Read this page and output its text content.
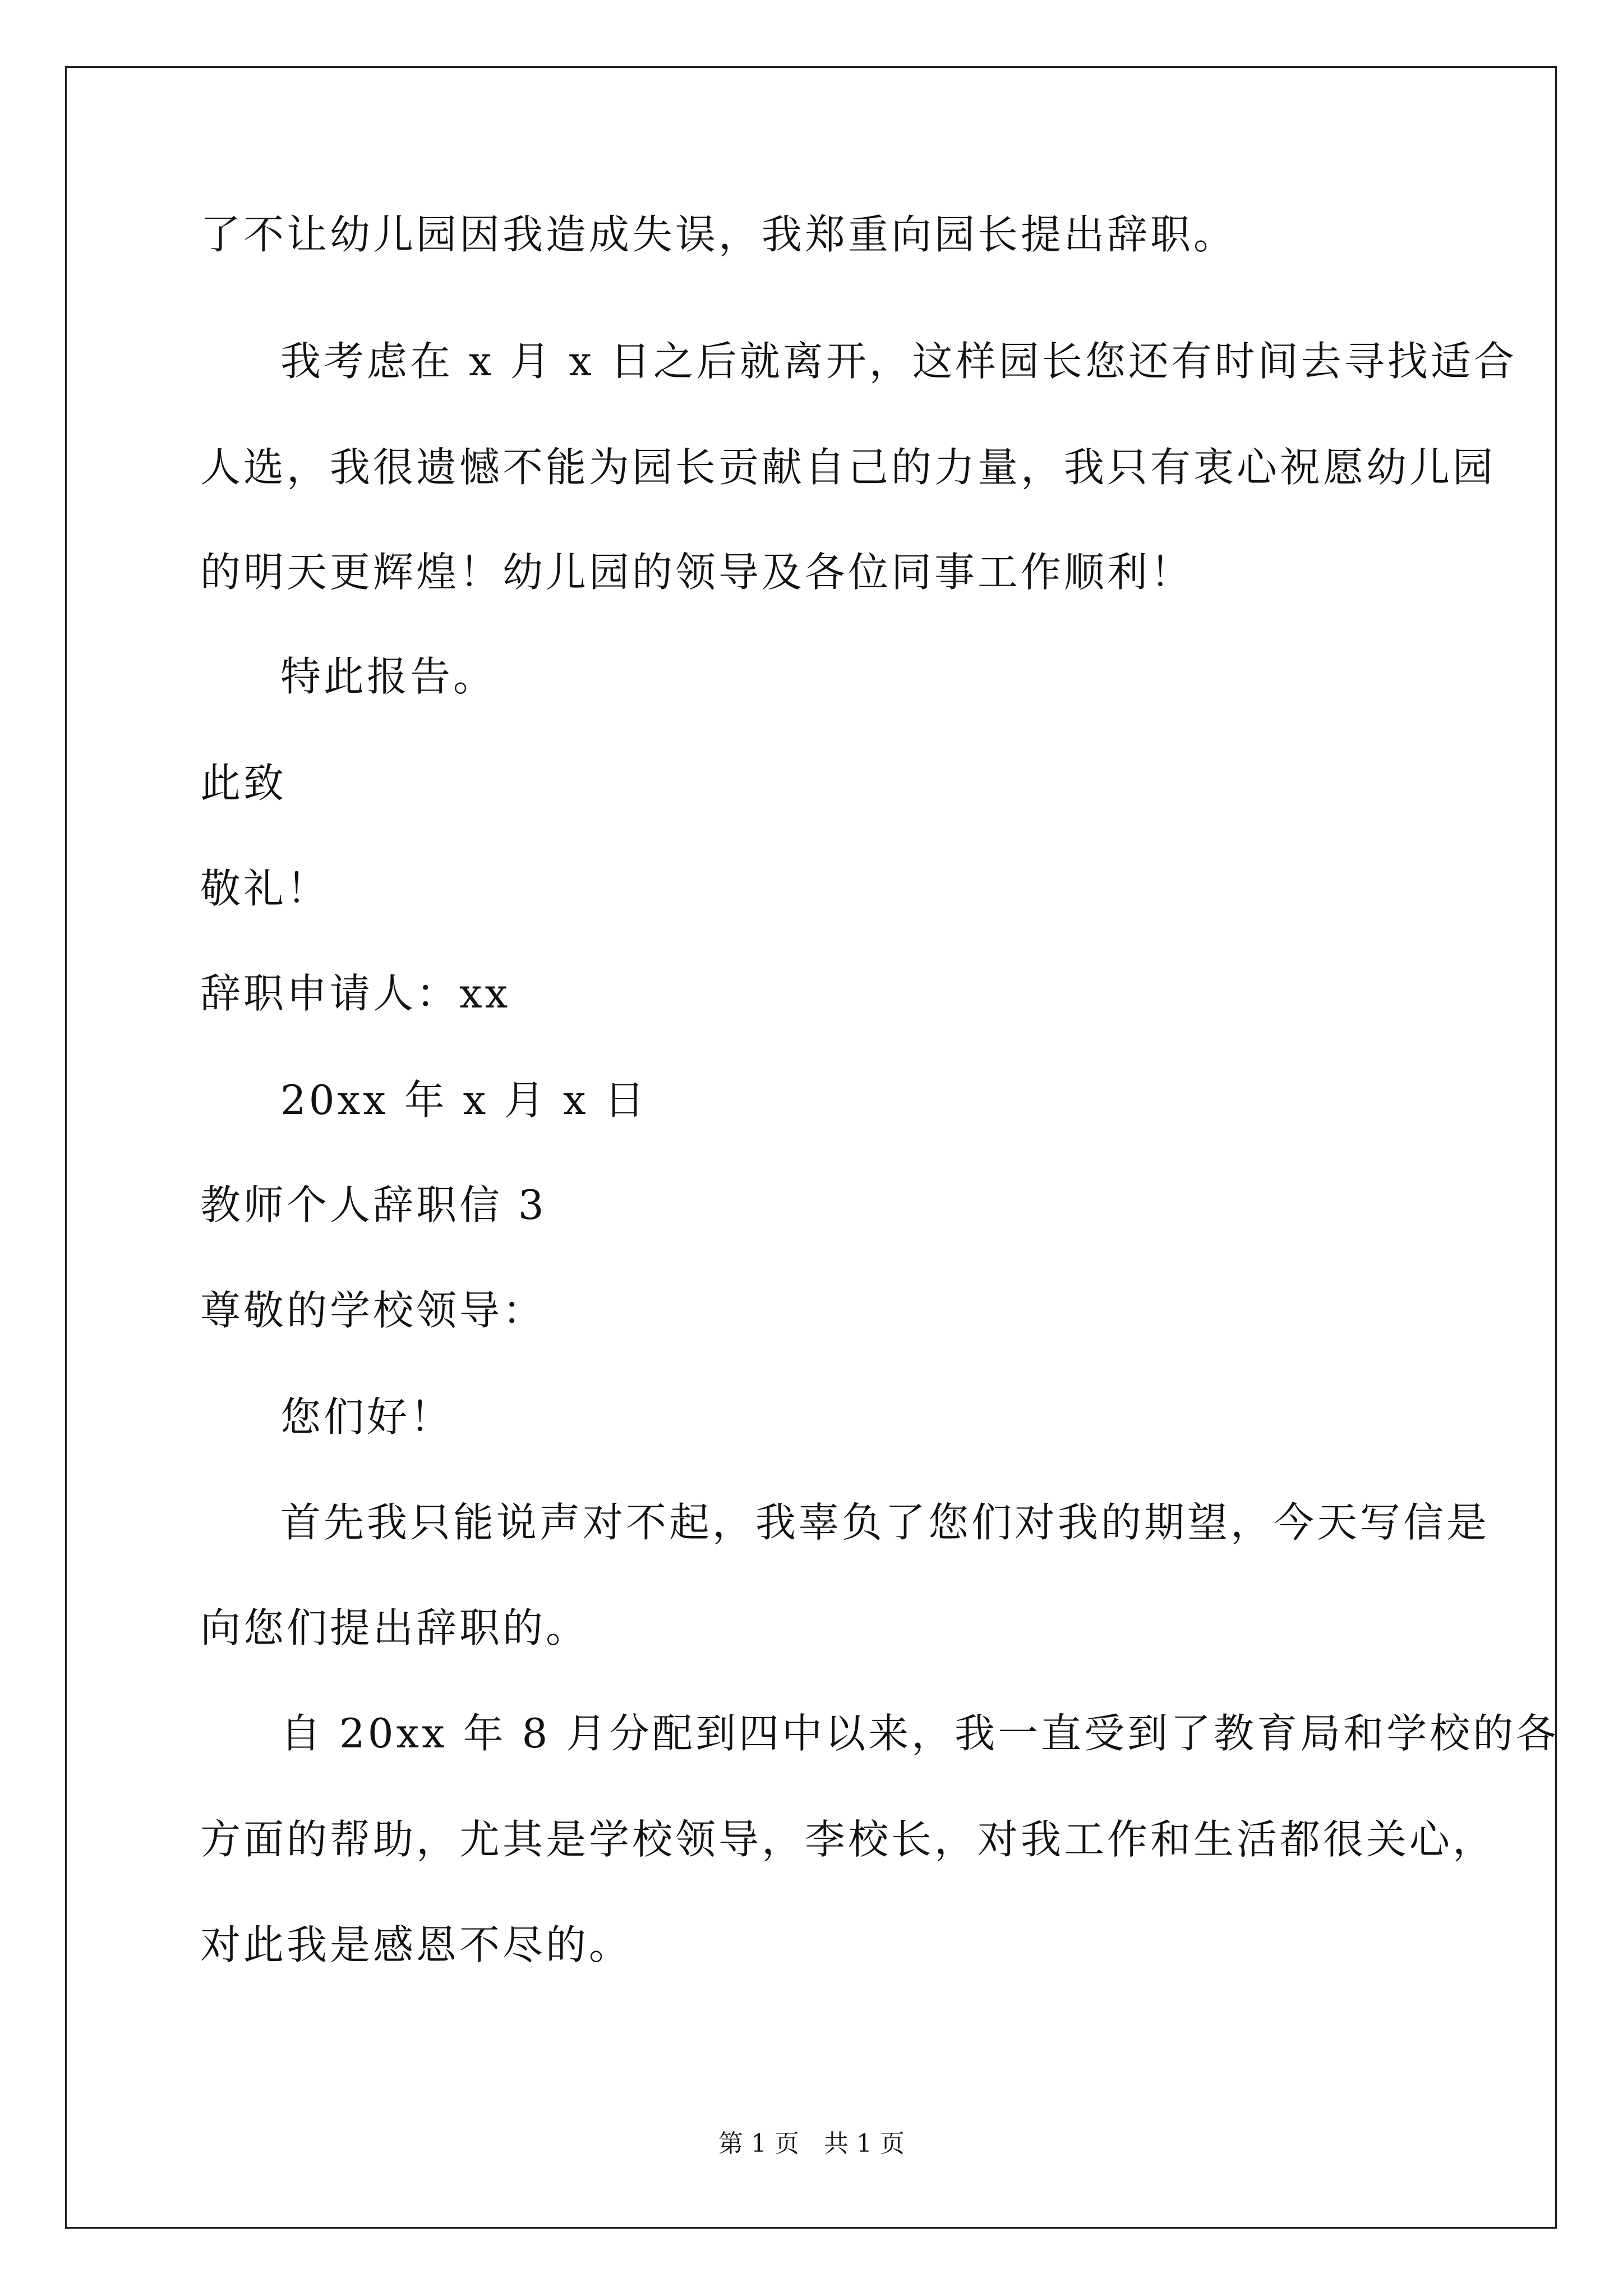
了不让幼儿园因我造成失误，我郑重向园长提出辞职。
我考虑在 x 月 x 日之后就离开，这样园长您还有时间去寻找适合
人选，我很遗憾不能为园长贡献自己的力量，我只有衷心祝愿幼儿园
的明天更辉煌！幼儿园的领导及各位同事工作顺利！
特此报告。
此致
敬礼！
辞职申请人：xx
20xx 年 x 月 x 日
教师个人辞职信 3
尊敬的学校领导：
您们好！
首先我只能说声对不起，我辜负了您们对我的期望，今天写信是
向您们提出辞职的。
自 20xx 年 8 月分配到四中以来，我一直受到了教育局和学校的各
方面的帮助，尤其是学校领导，李校长，对我工作和生活都很关心，
对此我是感恩不尽的。
第 1 页　共 1 页
